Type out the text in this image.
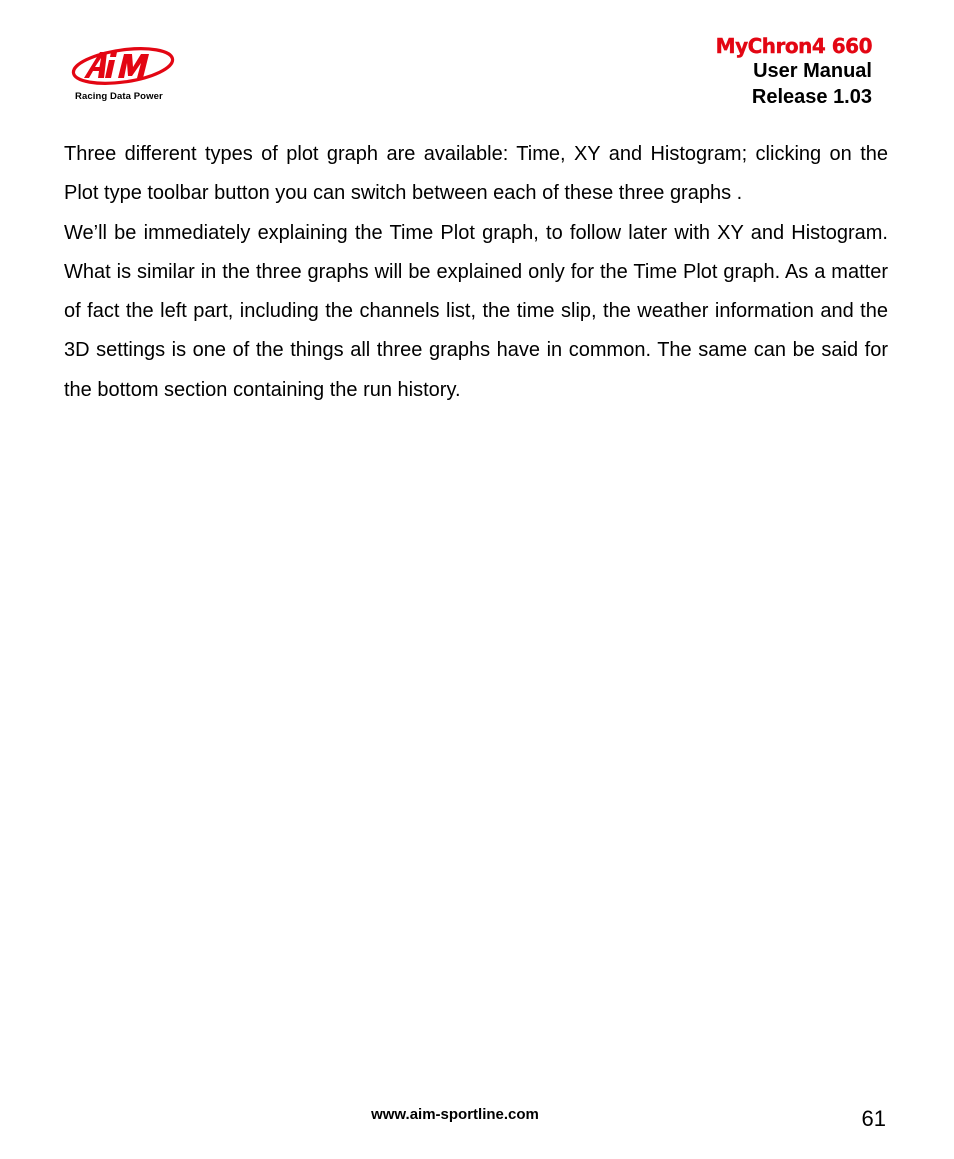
Racing Data Power
MyChron4 660
User Manual
Release 1.03

Three different types of plot graph are available: Time, XY and Histogram; clicking on the Plot type toolbar button you can switch between each of these three graphs .

We’ll be immediately explaining the Time Plot graph, to follow later with XY and Histogram. What is similar in the three graphs will be explained only for the Time Plot graph. As a matter of fact the left part, including the channels list, the time slip, the weather information and the 3D settings is one of the things all three graphs have in common. The same can be said for the bottom section containing the run history.

www.aim-sportline.com	61
